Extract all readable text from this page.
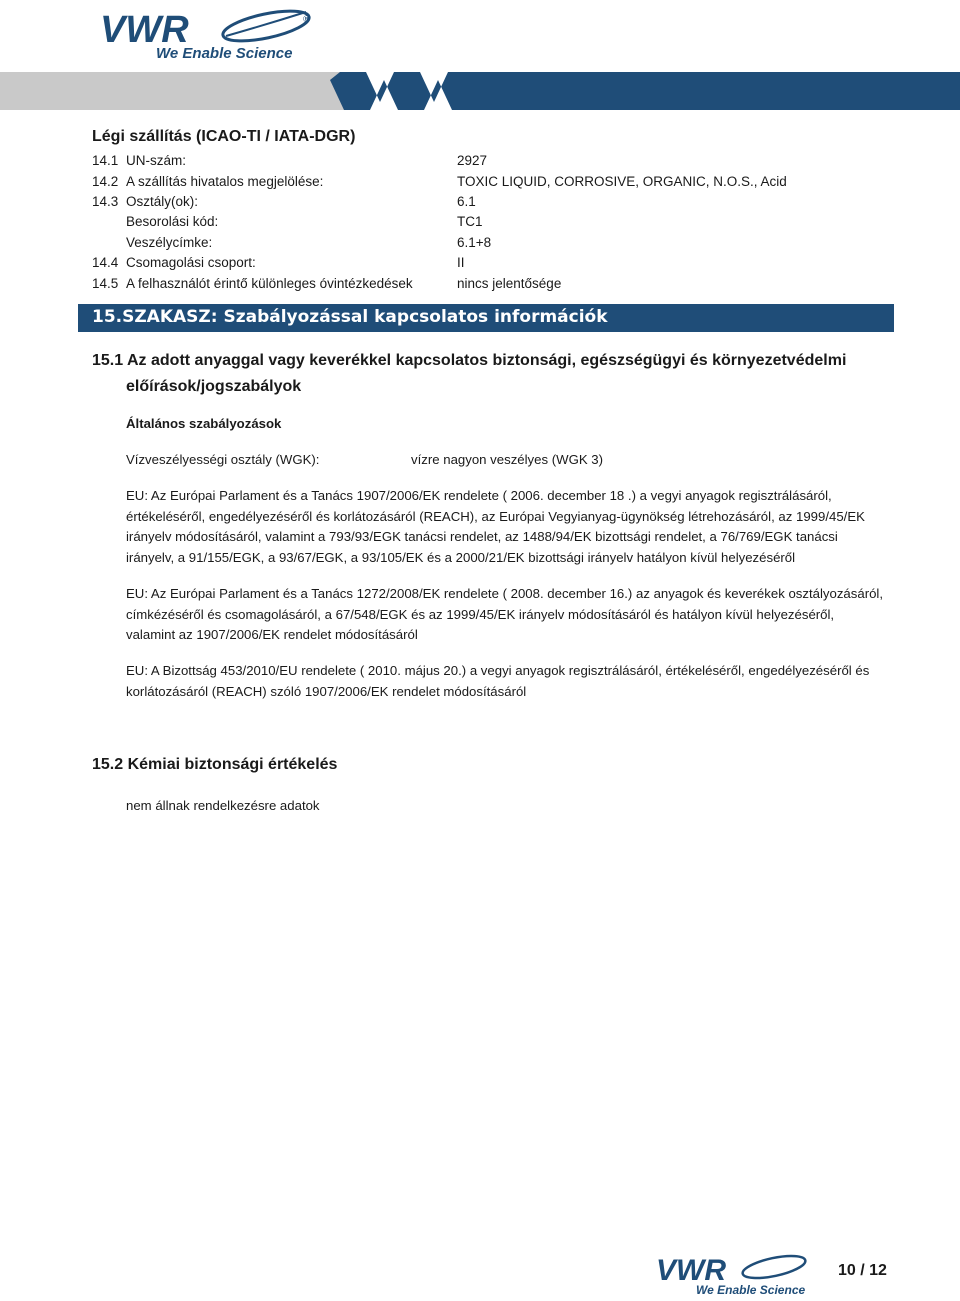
VWR	®
We Enable Science
Légi szállítás (ICAO-TI / IATA-DGR)
14.1 UN-szám:	2927
14.2 A szállítás hivatalos megjelölése:	TOXIC LIQUID, CORROSIVE, ORGANIC, N.O.S., Acid
14.3 Osztály(ok):	6.1
Besorolási kód:	TC1
Veszélycímke:	6.1+8
14.4 Csomagolási csoport:	II
14.5 A felhasználót érintő különleges óvintézkedések	nincs jelentősége
15.SZAKASZ: Szabályozással kapcsolatos információk
15.1 Az adott anyaggal vagy keverékkel kapcsolatos biztonsági, egészségügyi és környezetvédelmi
előírások/jogszabályok
Általános szabályozások
Vízveszélyességi osztály (WGK):	vízre nagyon veszélyes (WGK 3)
EU: Az Európai Parlament és a Tanács 1907/2006/EK rendelete ( 2006. december 18 .) a vegyi anyagok regisztrálásáról, értékeléséről, engedélyezéséről és korlátozásáról (REACH), az Európai Vegyianyag-ügynökség létrehozásáról, az 1999/45/EK irányelv módosításáról, valamint a 793/93/EGK tanácsi rendelet, az 1488/94/EK bizottsági rendelet, a 76/769/EGK tanácsi irányelv, a 91/155/EGK, a 93/67/EGK, a 93/105/EK és a 2000/21/EK bizottsági irányelv hatályon kívül helyezéséről
EU: Az Európai Parlament és a Tanács 1272/2008/EK rendelete ( 2008. december 16.) az anyagok és keverékek osztályozásáról, címkézéséről és csomagolásáról, a 67/548/EGK és az 1999/45/EK irányelv módosításáról és hatályon kívül helyezéséről, valamint az 1907/2006/EK rendelet módosításáról
EU: A Bizottság 453/2010/EU rendelete ( 2010. május 20.) a vegyi anyagok regisztrálásáról, értékeléséről, engedélyezéséről és korlátozásáról (REACH) szóló 1907/2006/EK rendelet módosításáról
15.2 Kémiai biztonsági értékelés
nem állnak rendelkezésre adatok
VWR
We Enable Science
10 / 12
